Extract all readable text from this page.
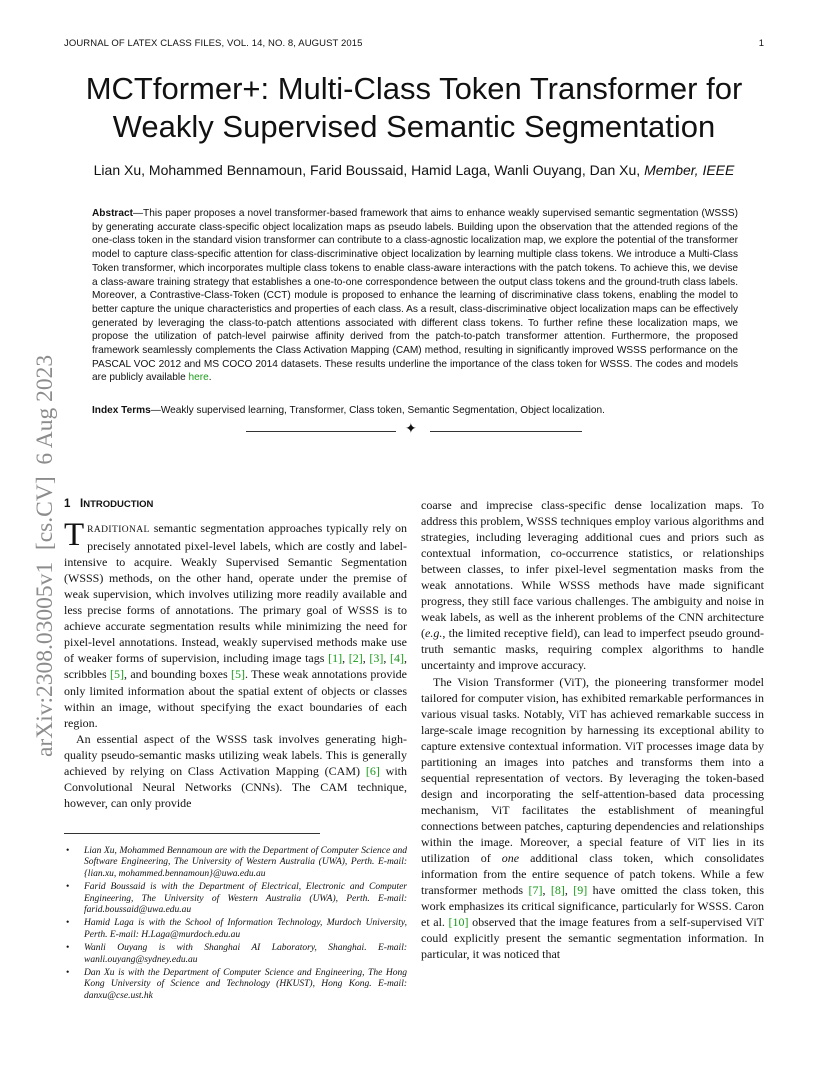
JOURNAL OF LATEX CLASS FILES, VOL. 14, NO. 8, AUGUST 2015	1
arXiv:2308.03005v1  [cs.CV]  6 Aug 2023
MCTformer+: Multi-Class Token Transformer for
Weakly Supervised Semantic Segmentation
Lian Xu, Mohammed Bennamoun, Farid Boussaid, Hamid Laga, Wanli Ouyang, Dan Xu, Member, IEEE

Abstract—This paper proposes a novel transformer-based framework that aims to enhance weakly supervised semantic segmentation (WSSS) by generating accurate class-specific object localization maps as pseudo labels. Building upon the observation that the attended regions of the one-class token in the standard vision transformer can contribute to a class-agnostic localization map, we explore the potential of the transformer model to capture class-specific attention for class-discriminative object localization by learning multiple class tokens. We introduce a Multi-Class Token transformer, which incorporates multiple class tokens to enable class-aware interactions with the patch tokens. To achieve this, we devise a class-aware training strategy that establishes a one-to-one correspondence between the output class tokens and the ground-truth class labels. Moreover, a Contrastive-Class-Token (CCT) module is proposed to enhance the learning of discriminative class tokens, enabling the model to better capture the unique characteristics and properties of each class. As a result, class-discriminative object localization maps can be effectively generated by leveraging the class-to-patch attentions associated with different class tokens. To further refine these localization maps, we propose the utilization of patch-level pairwise affinity derived from the patch-to-patch transformer attention. Furthermore, the proposed framework seamlessly complements the Class Activation Mapping (CAM) method, resulting in significantly improved WSSS performance on the PASCAL VOC 2012 and MS COCO 2014 datasets. These results underline the importance of the class token for WSSS. The codes and models are publicly available here.

Index Terms—Weakly supervised learning, Transformer, Class token, Semantic Segmentation, Object localization.

✦
1 INTRODUCTION

TRADITIONAL semantic segmentation approaches typically rely on precisely annotated pixel-level labels, which are costly and label-intensive to acquire. Weakly Supervised Semantic Segmentation (WSSS) methods, on the other hand, operate under the premise of weak supervision, which involves utilizing more readily available and less precise forms of annotations. The primary goal of WSSS is to achieve accurate segmentation results while minimizing the need for pixel-level annotations. Instead, weakly supervised methods make use of weaker forms of supervision, including image tags [1], [2], [3], [4], scribbles [5], and bounding boxes [5]. These weak annotations provide only limited information about the spatial extent of objects or classes within an image, without specifying the exact boundaries of each region.

An essential aspect of the WSSS task involves generating high-quality pseudo-semantic masks utilizing weak labels. This is generally achieved by relying on Class Activation Mapping (CAM) [6] with Convolutional Neural Networks (CNNs). The CAM technique, however, can only provide

• Lian Xu, Mohammed Bennamoun are with the Department of Computer Science and Software Engineering, The University of Western Australia (UWA), Perth. E-mail: {lian.xu, mohammed.bennamoun}@uwa.edu.au

• Farid Boussaid is with the Department of Electrical, Electronic and Computer Engineering, The University of Western Australia (UWA), Perth. E-mail: farid.boussaid@uwa.edu.au

• Hamid Laga is with the School of Information Technology, Murdoch University, Perth. E-mail: H.Laga@murdoch.edu.au

• Wanli Ouyang is with Shanghai AI Laboratory, Shanghai. E-mail: wanli.ouyang@sydney.edu.au

• Dan Xu is with the Department of Computer Science and Engineering, The Hong Kong University of Science and Technology (HKUST), Hong Kong. E-mail: danxu@cse.ust.hk

coarse and imprecise class-specific dense localization maps. To address this problem, WSSS techniques employ various algorithms and strategies, including leveraging additional cues and priors such as contextual information, co-occurrence statistics, or relationships between classes, to infer pixel-level segmentation masks from the weak annotations. While WSSS methods have made significant progress, they still face various challenges. The ambiguity and noise in weak labels, as well as the inherent problems of the CNN architecture (e.g., the limited receptive field), can lead to imperfect pseudo ground-truth semantic masks, requiring complex algorithms to handle uncertainty and improve accuracy.

The Vision Transformer (ViT), the pioneering transformer model tailored for computer vision, has exhibited remarkable performances in various visual tasks. Notably, ViT has achieved remarkable success in large-scale image recognition by harnessing its exceptional ability to capture extensive contextual information. ViT processes image data by partitioning an images into patches and transforms them into a sequential representation of vectors. By leveraging the token-based design and incorporating the self-attention-based data processing mechanism, ViT facilitates the establishment of meaningful connections between patches, capturing dependencies and relationships within the image. Moreover, a special feature of ViT lies in its utilization of one additional class token, which consolidates information from the entire sequence of patch tokens. While a few transformer methods [7], [8], [9] have omitted the class token, this work emphasizes its critical significance, particularly for WSSS. Caron et al. [10] observed that the image features from a self-supervised ViT could explicitly present the semantic segmentation information. In particular, it was noticed that
